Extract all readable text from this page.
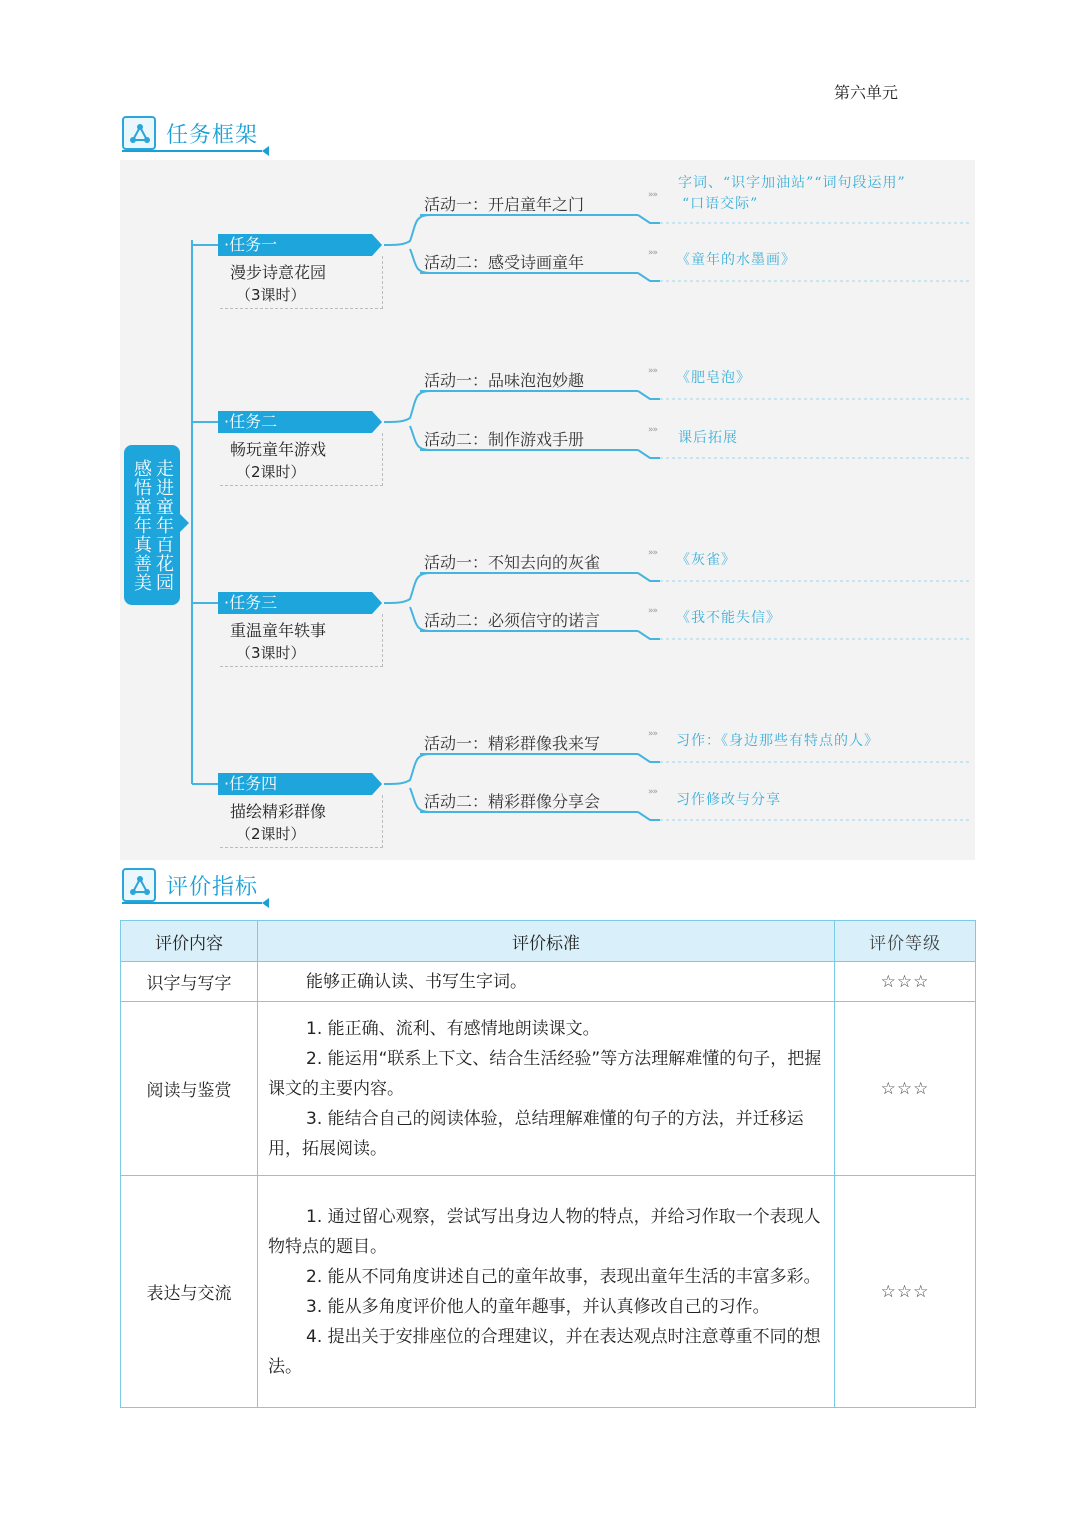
第六单元
任务框架
感悟童年真善美 走进童年百花园
·任务一
漫步诗意花园
（3课时）
活动一：开启童年之门	»»
字词、“识字加油站”“词句段运用”
“口语交际”
活动二：感受诗画童年	»» 《童年的水墨画》
·任务二
畅玩童年游戏
（2课时）
活动一：品味泡泡妙趣	»» 《肥皂泡》
活动二：制作游戏手册	»» 课后拓展
·任务三
重温童年轶事
（3课时）
活动一：不知去向的灰雀	»» 《灰雀》
活动二：必须信守的诺言	»» 《我不能失信》
·任务四
描绘精彩群像
（2课时）
活动一：精彩群像我来写	»» 习作：《身边那些有特点的人》
活动二：精彩群像分享会	»» 习作修改与分享
评价指标
评价内容	评价标准	评价等级
识字与写字	能够正确认读、书写生字词。	☆☆☆
阅读与鉴赏	1. 能正确、流利、有感情地朗读课文。

2. 能运用“联系上下文、结合生活经验”等方法理解难懂的句子，把握课文的主要内容。

3. 能结合自己的阅读体验，总结理解难懂的句子的方法，并迁移运用，拓展阅读。	☆☆☆
表达与交流	1. 通过留心观察，尝试写出身边人物的特点，并给习作取一个表现人物特点的题目。

2. 能从不同角度讲述自己的童年故事，表现出童年生活的丰富多彩。

3. 能从多角度评价他人的童年趣事，并认真修改自己的习作。

4. 提出关于安排座位的合理建议，并在表达观点时注意尊重不同的想法。	☆☆☆
